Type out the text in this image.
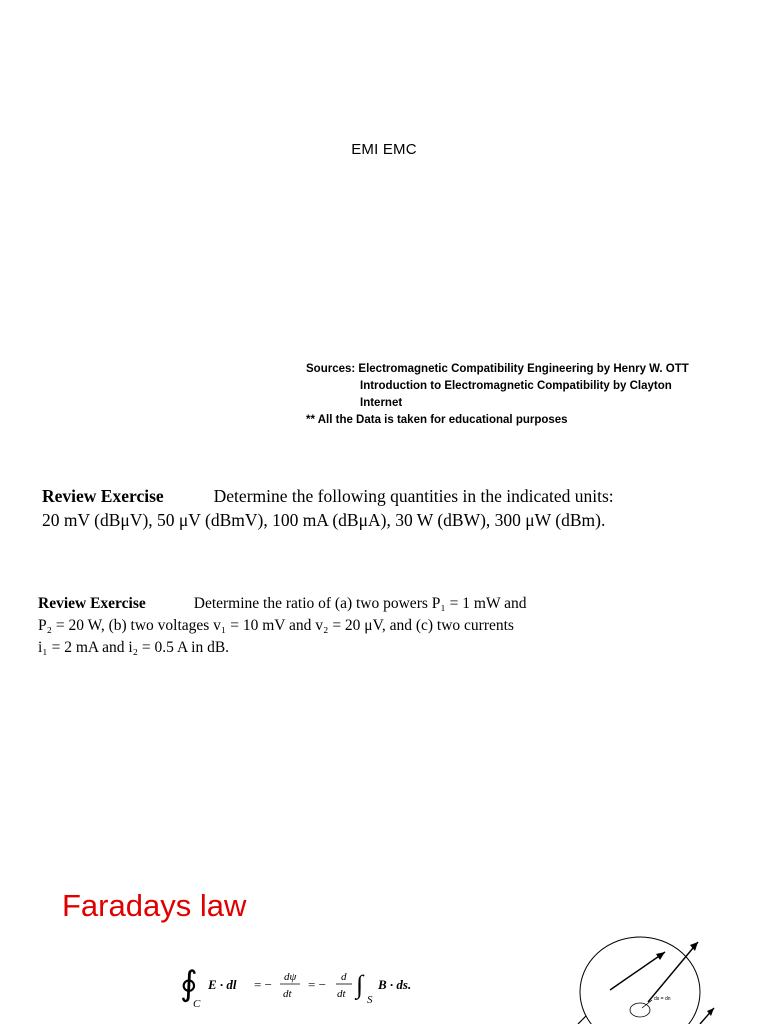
EMI EMC
Sources: Electromagnetic Compatibility Engineering by Henry W. OTT
Introduction to Electromagnetic Compatibility by Clayton
Internet
** All the Data is taken for educational purposes
Review Exercise	Determine the following quantities in the indicated units:
20 mV (dBμV), 50 μV (dBmV), 100 mA (dBμA), 30 W (dBW), 300 μW (dBm).
Review Exercise	Determine the ratio of (a) two powers P₁ = 1 mW and
P₂ = 20 W, (b) two voltages v₁ = 10 mV and v₂ = 20 μV, and (c) two currents
i₁ = 2 mA and i₂ = 0.5 A in dB.
Faradays law
∮
C
E · dl = − dψ
dt
= − d
dt ∫
S
B · ds.
ds = dn
